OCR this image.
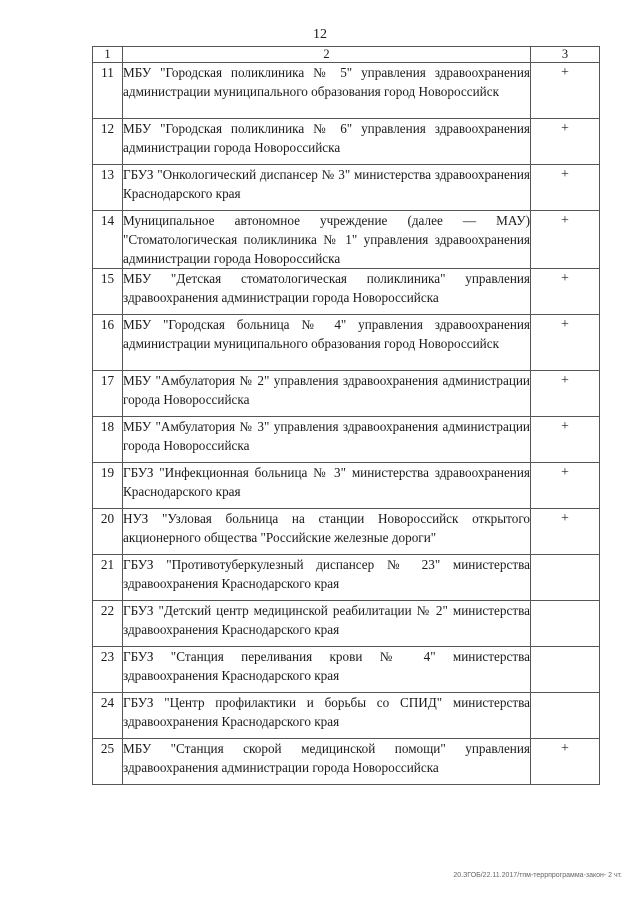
12
1	2	3
11	МБУ "Городская поликлиника № 5" управления здравоохранения администрации муниципального образования город Новороссийск	+
12	МБУ "Городская поликлиника № 6" управления здравоохранения администрации города Новороссийска	+
13	ГБУЗ "Онкологический диспансер № 3" министерства здравоохранения Краснодарского края	+
14	Муниципальное автономное учреждение (далее — МАУ) "Стоматологическая поликлиника № 1" управления здравоохранения администрации города Новороссийска	+
15	МБУ "Детская стоматологическая поликлиника" управления здравоохранения администрации города Новороссийска	+
16	МБУ "Городская больница № 4" управления здравоохранения администрации муниципального образования город Новороссийск	+
17	МБУ "Амбулатория № 2" управления здравоохранения администрации города Новороссийска	+
18	МБУ "Амбулатория № 3" управления здравоохранения администрации города Новороссийска	+
19	ГБУЗ "Инфекционная больница № 3" министерства здравоохранения Краснодарского края	+
20	НУЗ "Узловая больница на станции Новороссийск открытого акционерного общества "Российские железные дороги"	+
21	ГБУЗ "Противотуберкулезный диспансер № 23" министерства здравоохранения Краснодарского края	
22	ГБУЗ "Детский центр медицинской реабилитации № 2" министерства здравоохранения Краснодарского края	
23	ГБУЗ "Станция переливания крови № 4" министерства здравоохранения Краснодарского края	
24	ГБУЗ "Центр профилактики и борьбы со СПИД" министерства здравоохранения Краснодарского края	
25	МБУ "Станция скорой медицинской помощи" управления здравоохранения администрации города Новороссийска	+
20.ЗГОБ/22.11.2017/тпм-террпрограмма-закон- 2 чт.
